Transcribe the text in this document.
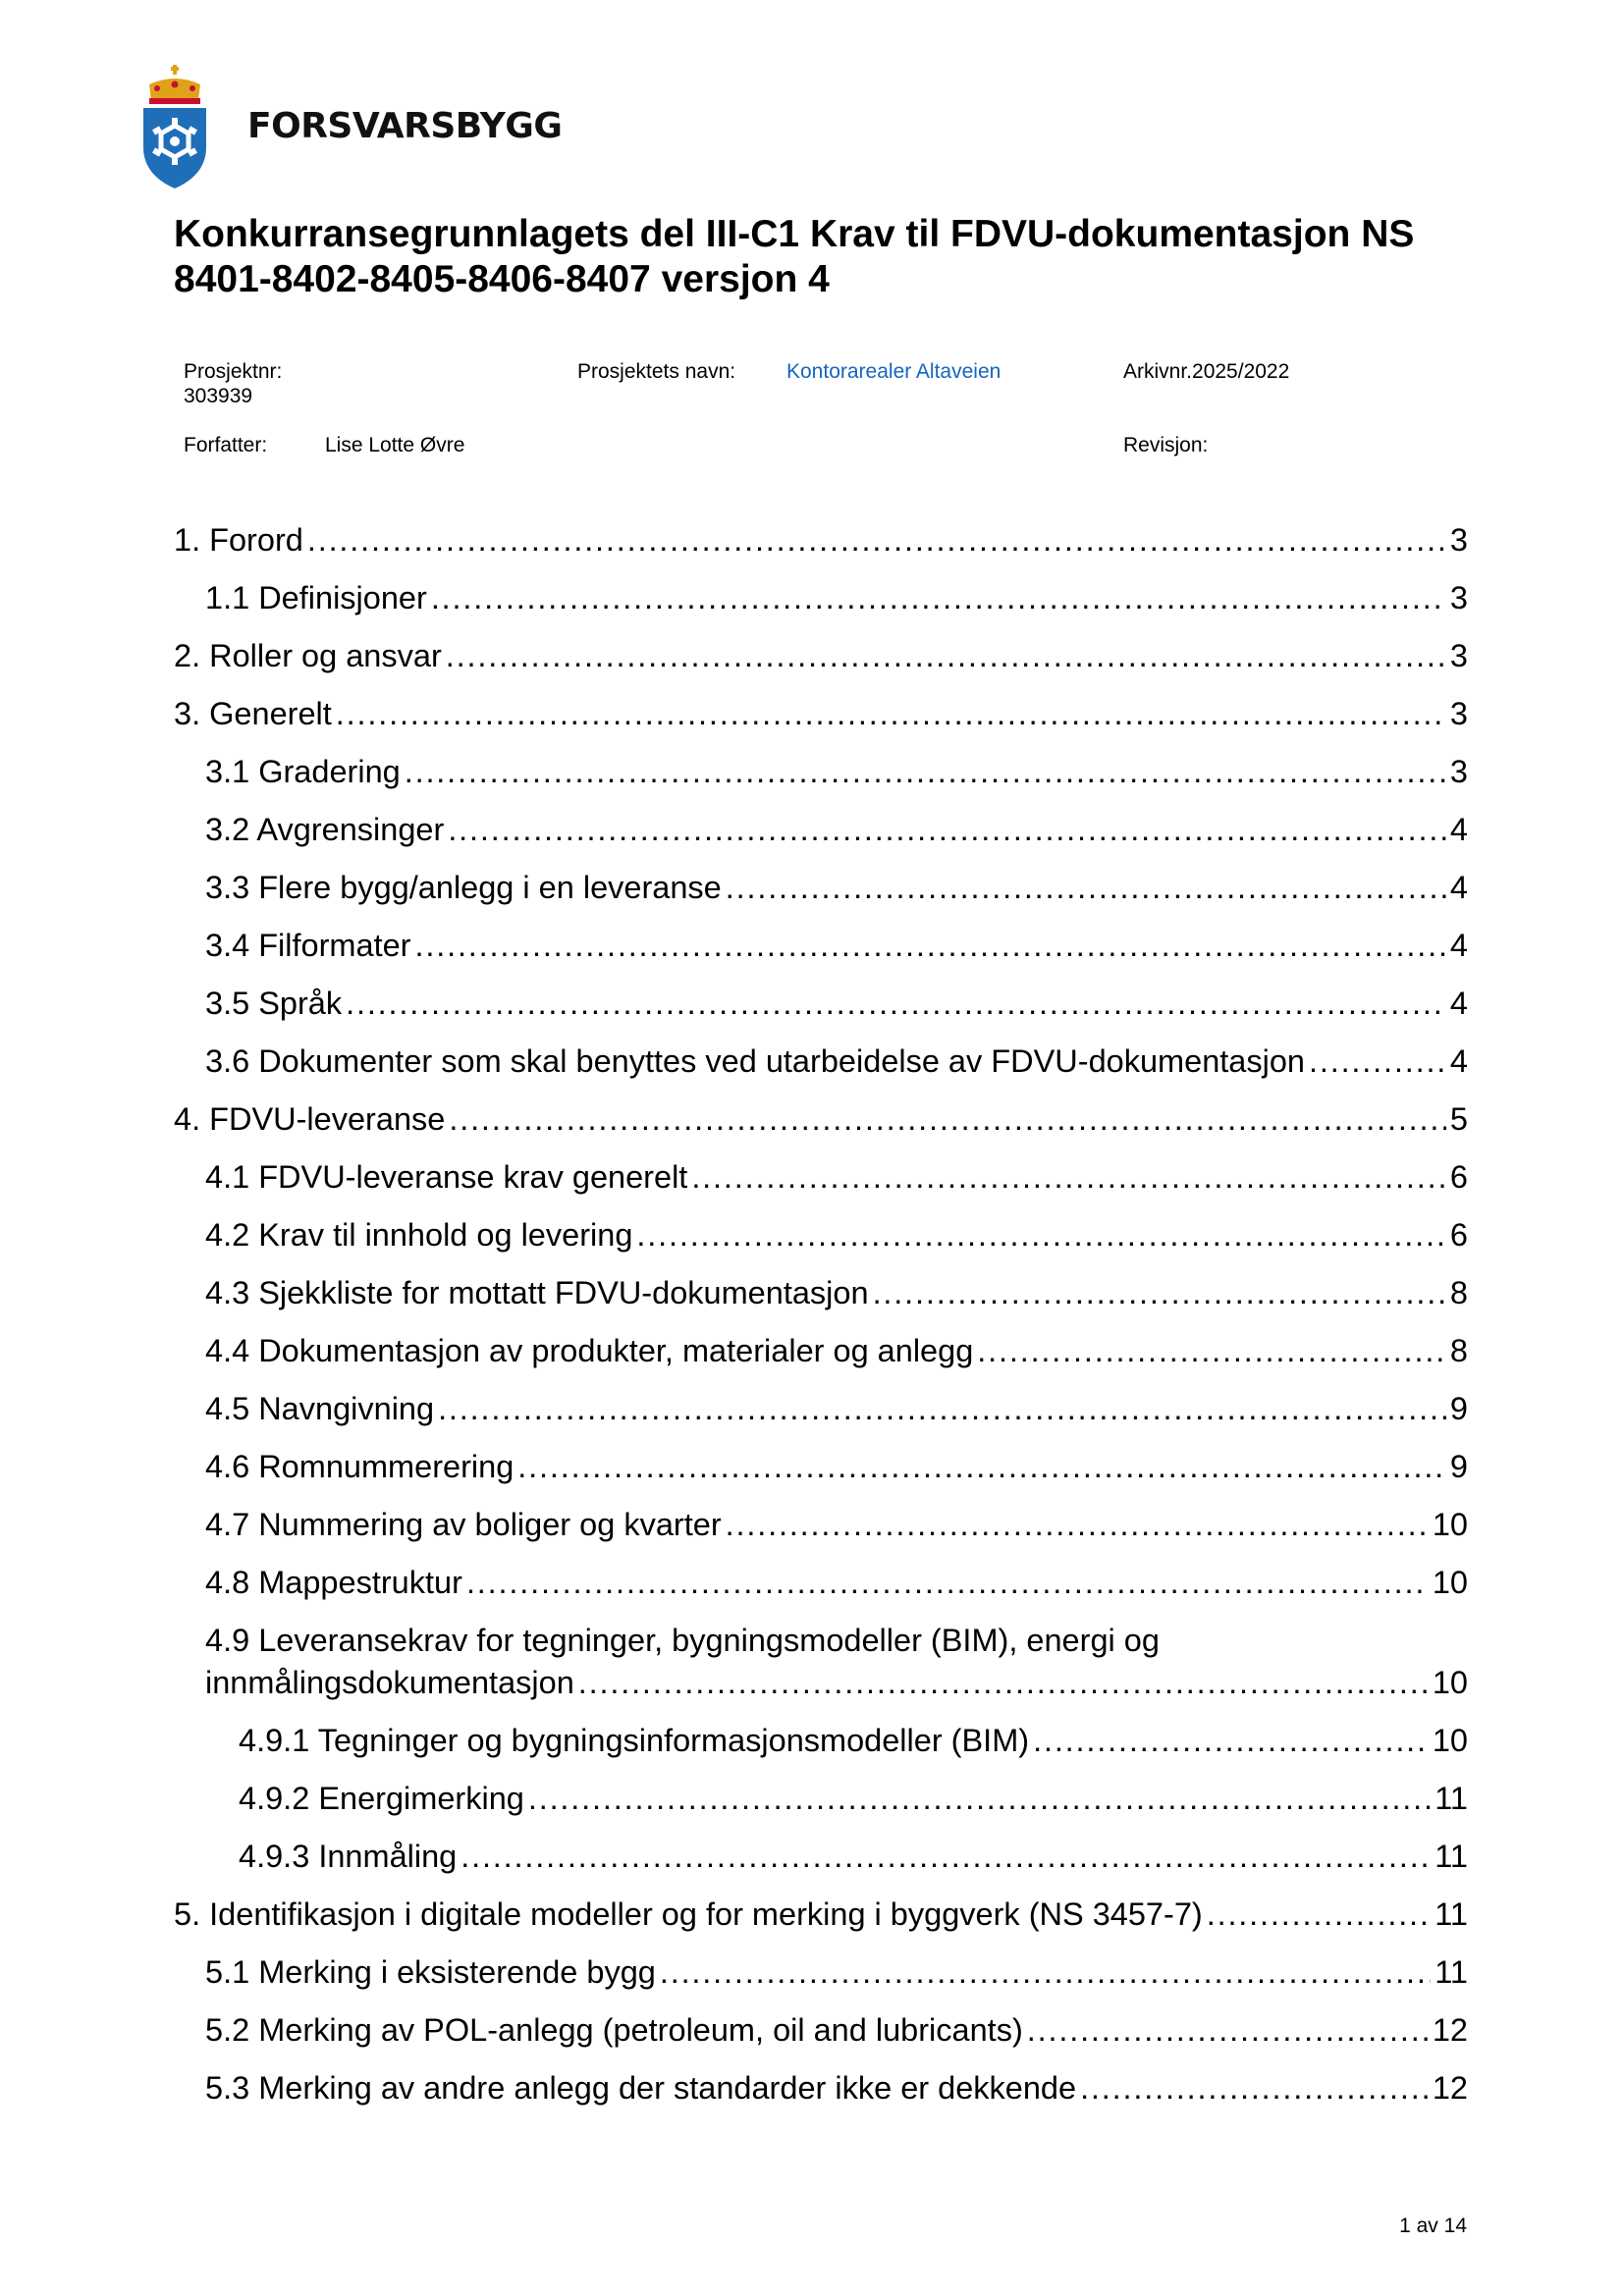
FORSVARSBYGG
Konkurransegrunnlagets del III-C1 Krav til FDVU-dokumentasjon NS 8401-8402-8405-8406-8407 versjon 4
Prosjektnr:
303939
Prosjektets navn: Kontorarealer Altaveien	Arkivnr.2025/2022
Forfatter:	Lise Lotte Øvre	Revisjon:
1. Forord . . .	3
1.1 Definisjoner . . .	3
2. Roller og ansvar . . .	3
3. Generelt . . .	3
3.1 Gradering . . .	3
3.2 Avgrensinger . . .	4
3.3 Flere bygg/anlegg i en leveranse . . .	4
3.4 Filformater . . .	4
3.5 Språk . . .	4
3.6 Dokumenter som skal benyttes ved utarbeidelse av FDVU-dokumentasjon . . .	4
4. FDVU-leveranse . . .	5
4.1 FDVU-leveranse krav generelt . . .	6
4.2 Krav til innhold og levering . . .	6
4.3 Sjekkliste for mottatt FDVU-dokumentasjon . . .	8
4.4 Dokumentasjon av produkter, materialer og anlegg . . .	8
4.5 Navngivning . . .	9
4.6 Romnummerering . . .	9
4.7 Nummering av boliger og kvarter . . .	10
4.8 Mappestruktur . . .	10
4.9 Leveransekrav for tegninger, bygningsmodeller (BIM), energi og
innmålingsdokumentasjon . . .	10
4.9.1 Tegninger og bygningsinformasjonsmodeller (BIM) . . .	10
4.9.2 Energimerking . . .	11
4.9.3 Innmåling . . .	11
5. Identifikasjon i digitale modeller og for merking i byggverk (NS 3457-7) . . .	11
5.1 Merking i eksisterende bygg . . .	11
5.2 Merking av POL-anlegg (petroleum, oil and lubricants) . . .	12
5.3 Merking av andre anlegg der standarder ikke er dekkende . . .	12
1 av 14
